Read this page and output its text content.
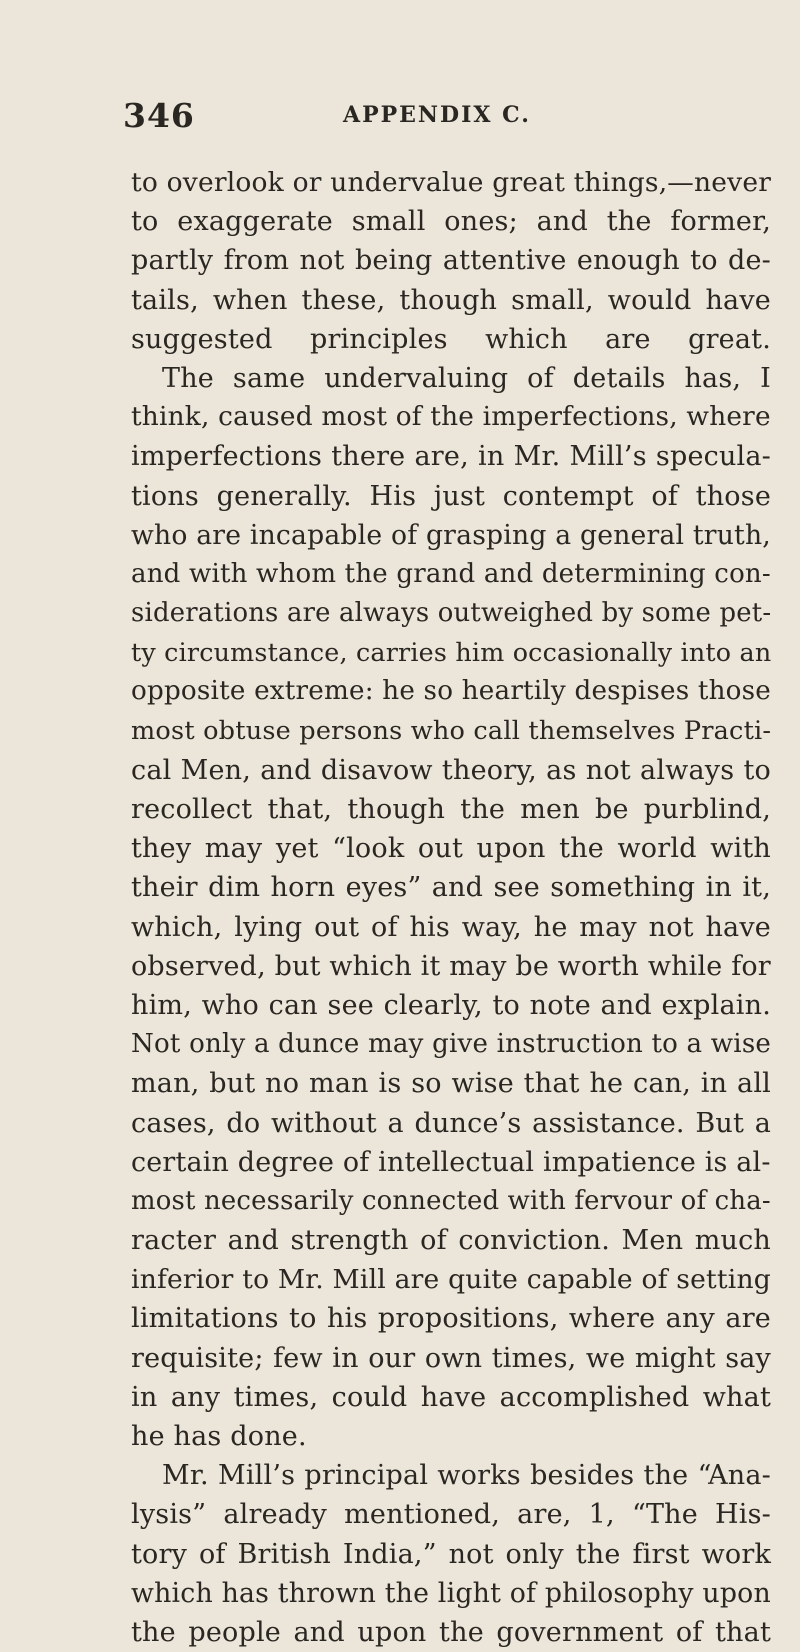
346	APPENDIX C.
to overlook or undervalue great things,—never
to exaggerate small ones; and the former,
partly from not being attentive enough to de-
tails, when these, though small, would have
suggested principles which are great.
The same undervaluing of details has, I
think, caused most of the imperfections, where
imperfections there are, in Mr. Mill’s specula-
tions generally. His just contempt of those
who are incapable of grasping a general truth,
and with whom the grand and determining con-
siderations are always outweighed by some pet-
ty circumstance, carries him occasionally into an
opposite extreme: he so heartily despises those
most obtuse persons who call themselves Practi-
cal Men, and disavow theory, as not always to
recollect that, though the men be purblind,
they may yet “look out upon the world with
their dim horn eyes” and see something in it,
which, lying out of his way, he may not have
observed, but which it may be worth while for
him, who can see clearly, to note and explain.
Not only a dunce may give instruction to a wise
man, but no man is so wise that he can, in all
cases, do without a dunce’s assistance. But a
certain degree of intellectual impatience is al-
most necessarily connected with fervour of cha-
racter and strength of conviction. Men much
inferior to Mr. Mill are quite capable of setting
limitations to his propositions, where any are
requisite; few in our own times, we might say
in any times, could have accomplished what
he has done.
Mr. Mill’s principal works besides the “Ana-
lysis” already mentioned, are, 1, “The His-
tory of British India,” not only the first work
which has thrown the light of philosophy upon
the people and upon the government of that
